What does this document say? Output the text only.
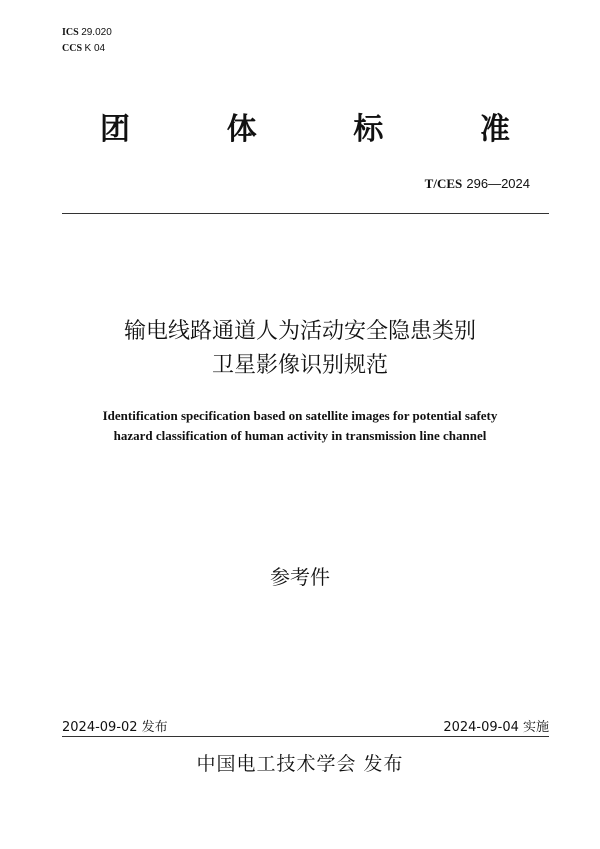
ICS 29.020
CCS K 04
团	体	标	准
T/CES 296—2024
输电线路通道人为活动安全隐患类别
卫星影像识别规范
Identification specification based on satellite images for potential safety
hazard classification of human activity in transmission line channel
参考件
2024-09-02 发布	2024-09-04 实施
中国电工技术学会 发布
